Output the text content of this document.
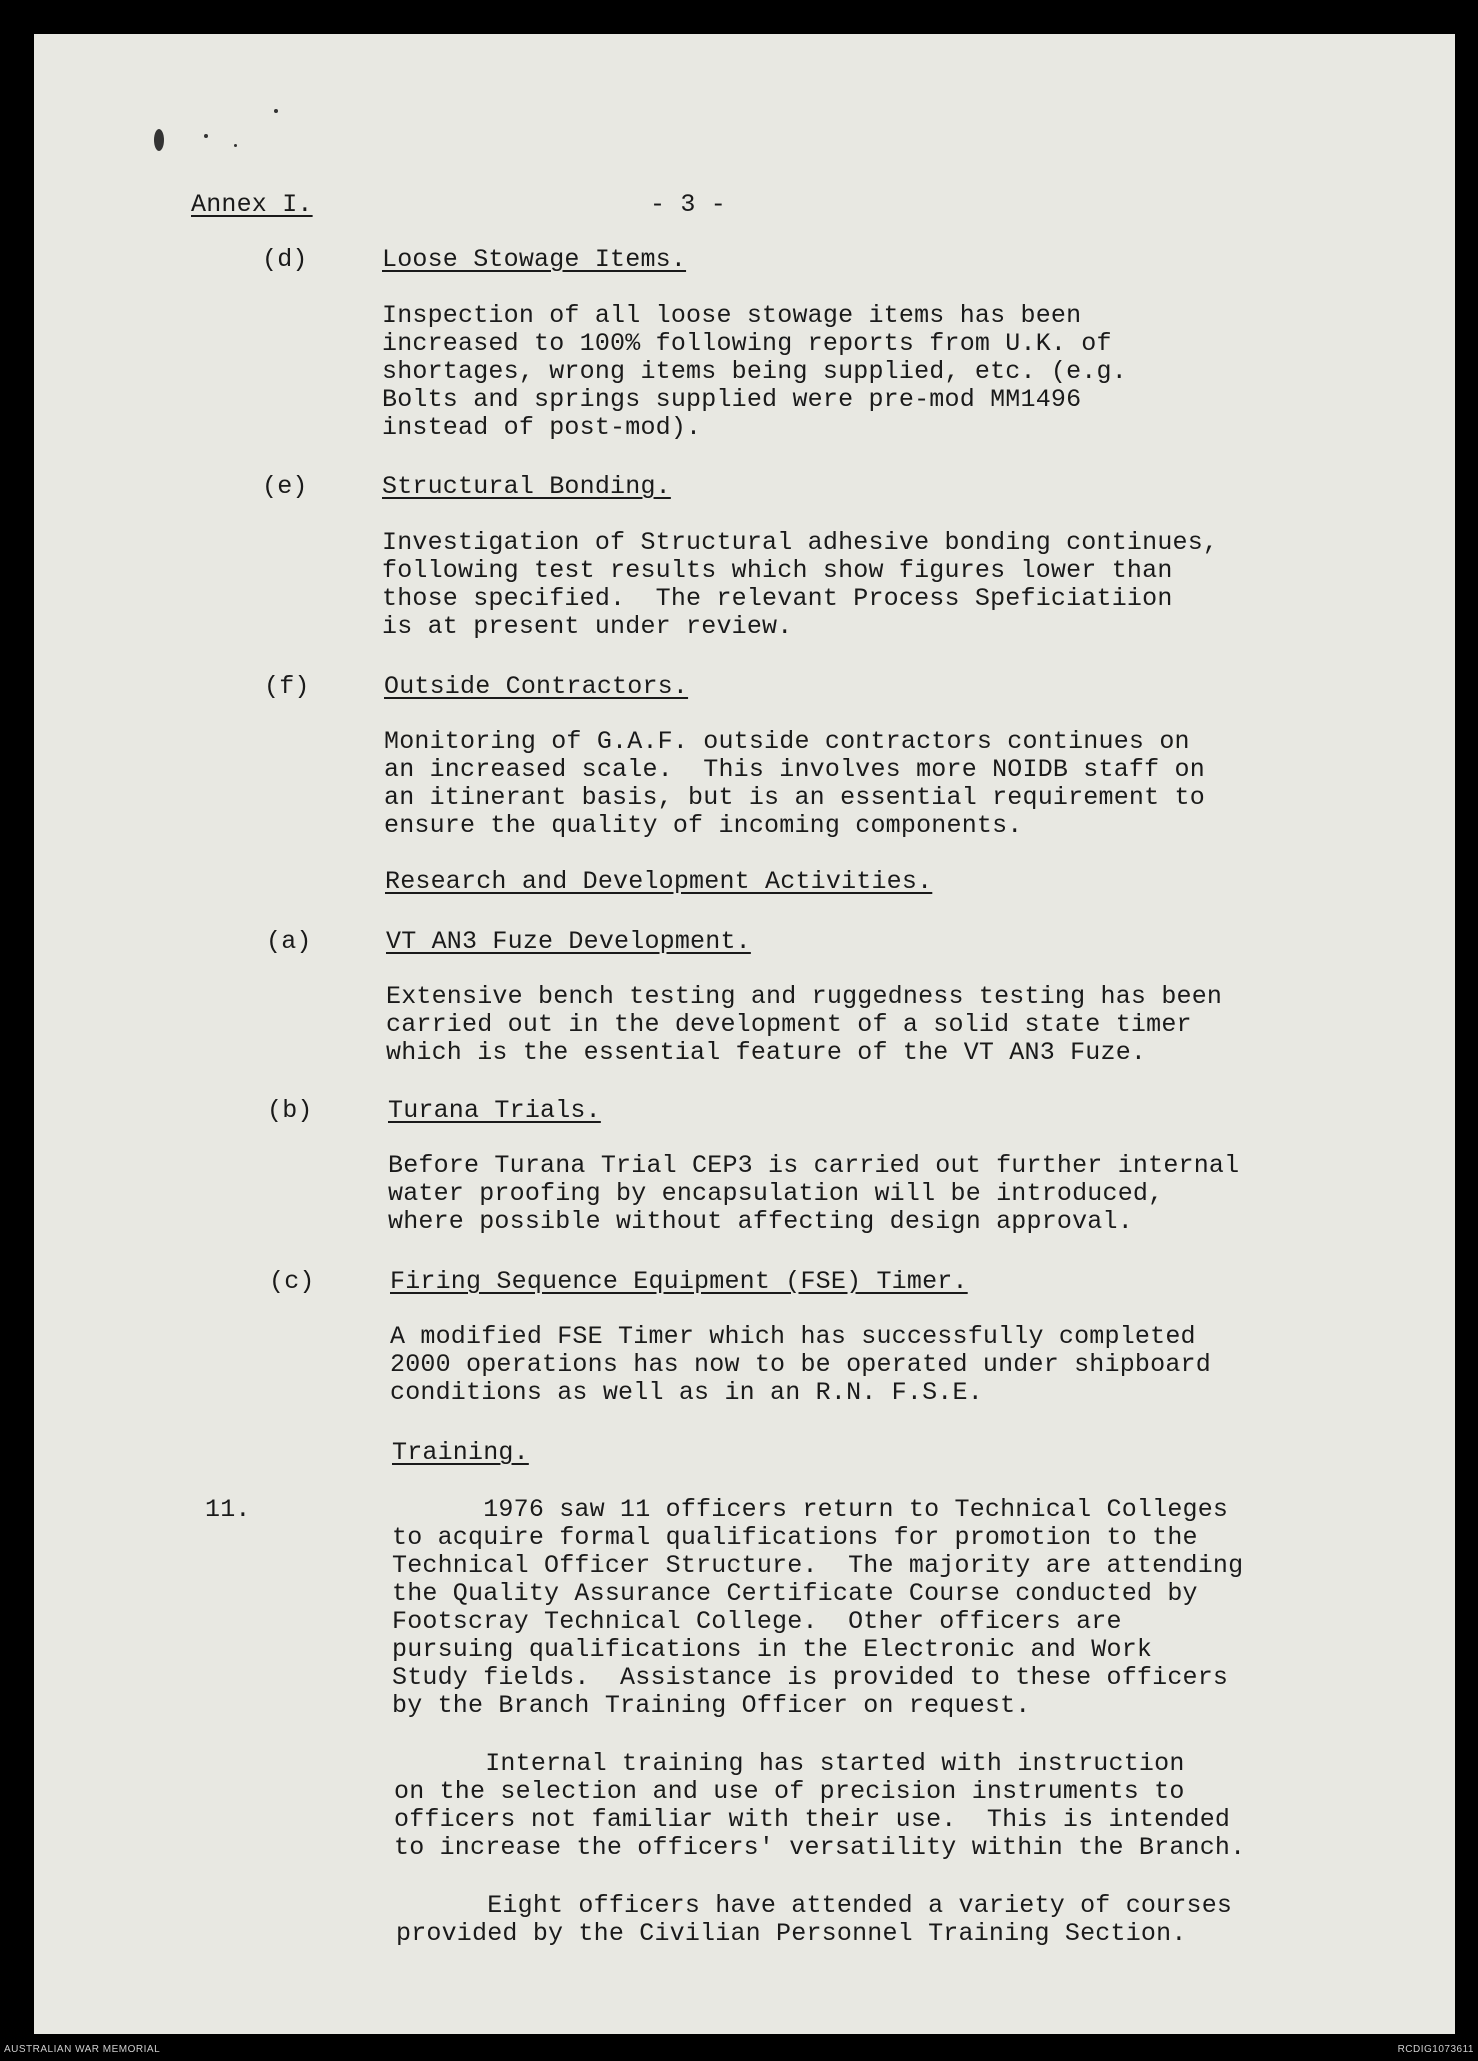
Annex I.	- 3 -
(d)	Loose Stowage Items.
Inspection of all loose stowage items has been
increased to 100% following reports from U.K. of
shortages, wrong items being supplied, etc. (e.g.
Bolts and springs supplied were pre-mod MM1496
instead of post-mod).
(e)	Structural Bonding.
Investigation of Structural adhesive bonding continues,
following test results which show figures lower than
those specified.  The relevant Process Speficiatiion
is at present under review.
(f)	Outside Contractors.
Monitoring of G.A.F. outside contractors continues on
an increased scale.  This involves more NOIDB staff on
an itinerant basis, but is an essential requirement to
ensure the quality of incoming components.
Research and Development Activities.
(a)	VT AN3 Fuze Development.
Extensive bench testing and ruggedness testing has been
carried out in the development of a solid state timer
which is the essential feature of the VT AN3 Fuze.
(b)	Turana Trials.
Before Turana Trial CEP3 is carried out further internal
water proofing by encapsulation will be introduced,
where possible without affecting design approval.
(c)	Firing Sequence Equipment (FSE) Timer.
A modified FSE Timer which has successfully completed
2000 operations has now to be operated under shipboard
conditions as well as in an R.N. F.S.E.
Training.
11.	1976 saw 11 officers return to Technical Colleges
to acquire formal qualifications for promotion to the
Technical Officer Structure.  The majority are attending
the Quality Assurance Certificate Course conducted by
Footscray Technical College.  Other officers are
pursuing qualifications in the Electronic and Work
Study fields.  Assistance is provided to these officers
by the Branch Training Officer on request.
Internal training has started with instruction
on the selection and use of precision instruments to
officers not familiar with their use.  This is intended
to increase the officers' versatility within the Branch.
Eight officers have attended a variety of courses
provided by the Civilian Personnel Training Section.
AUSTRALIAN WAR MEMORIAL	RCDIG1073611
